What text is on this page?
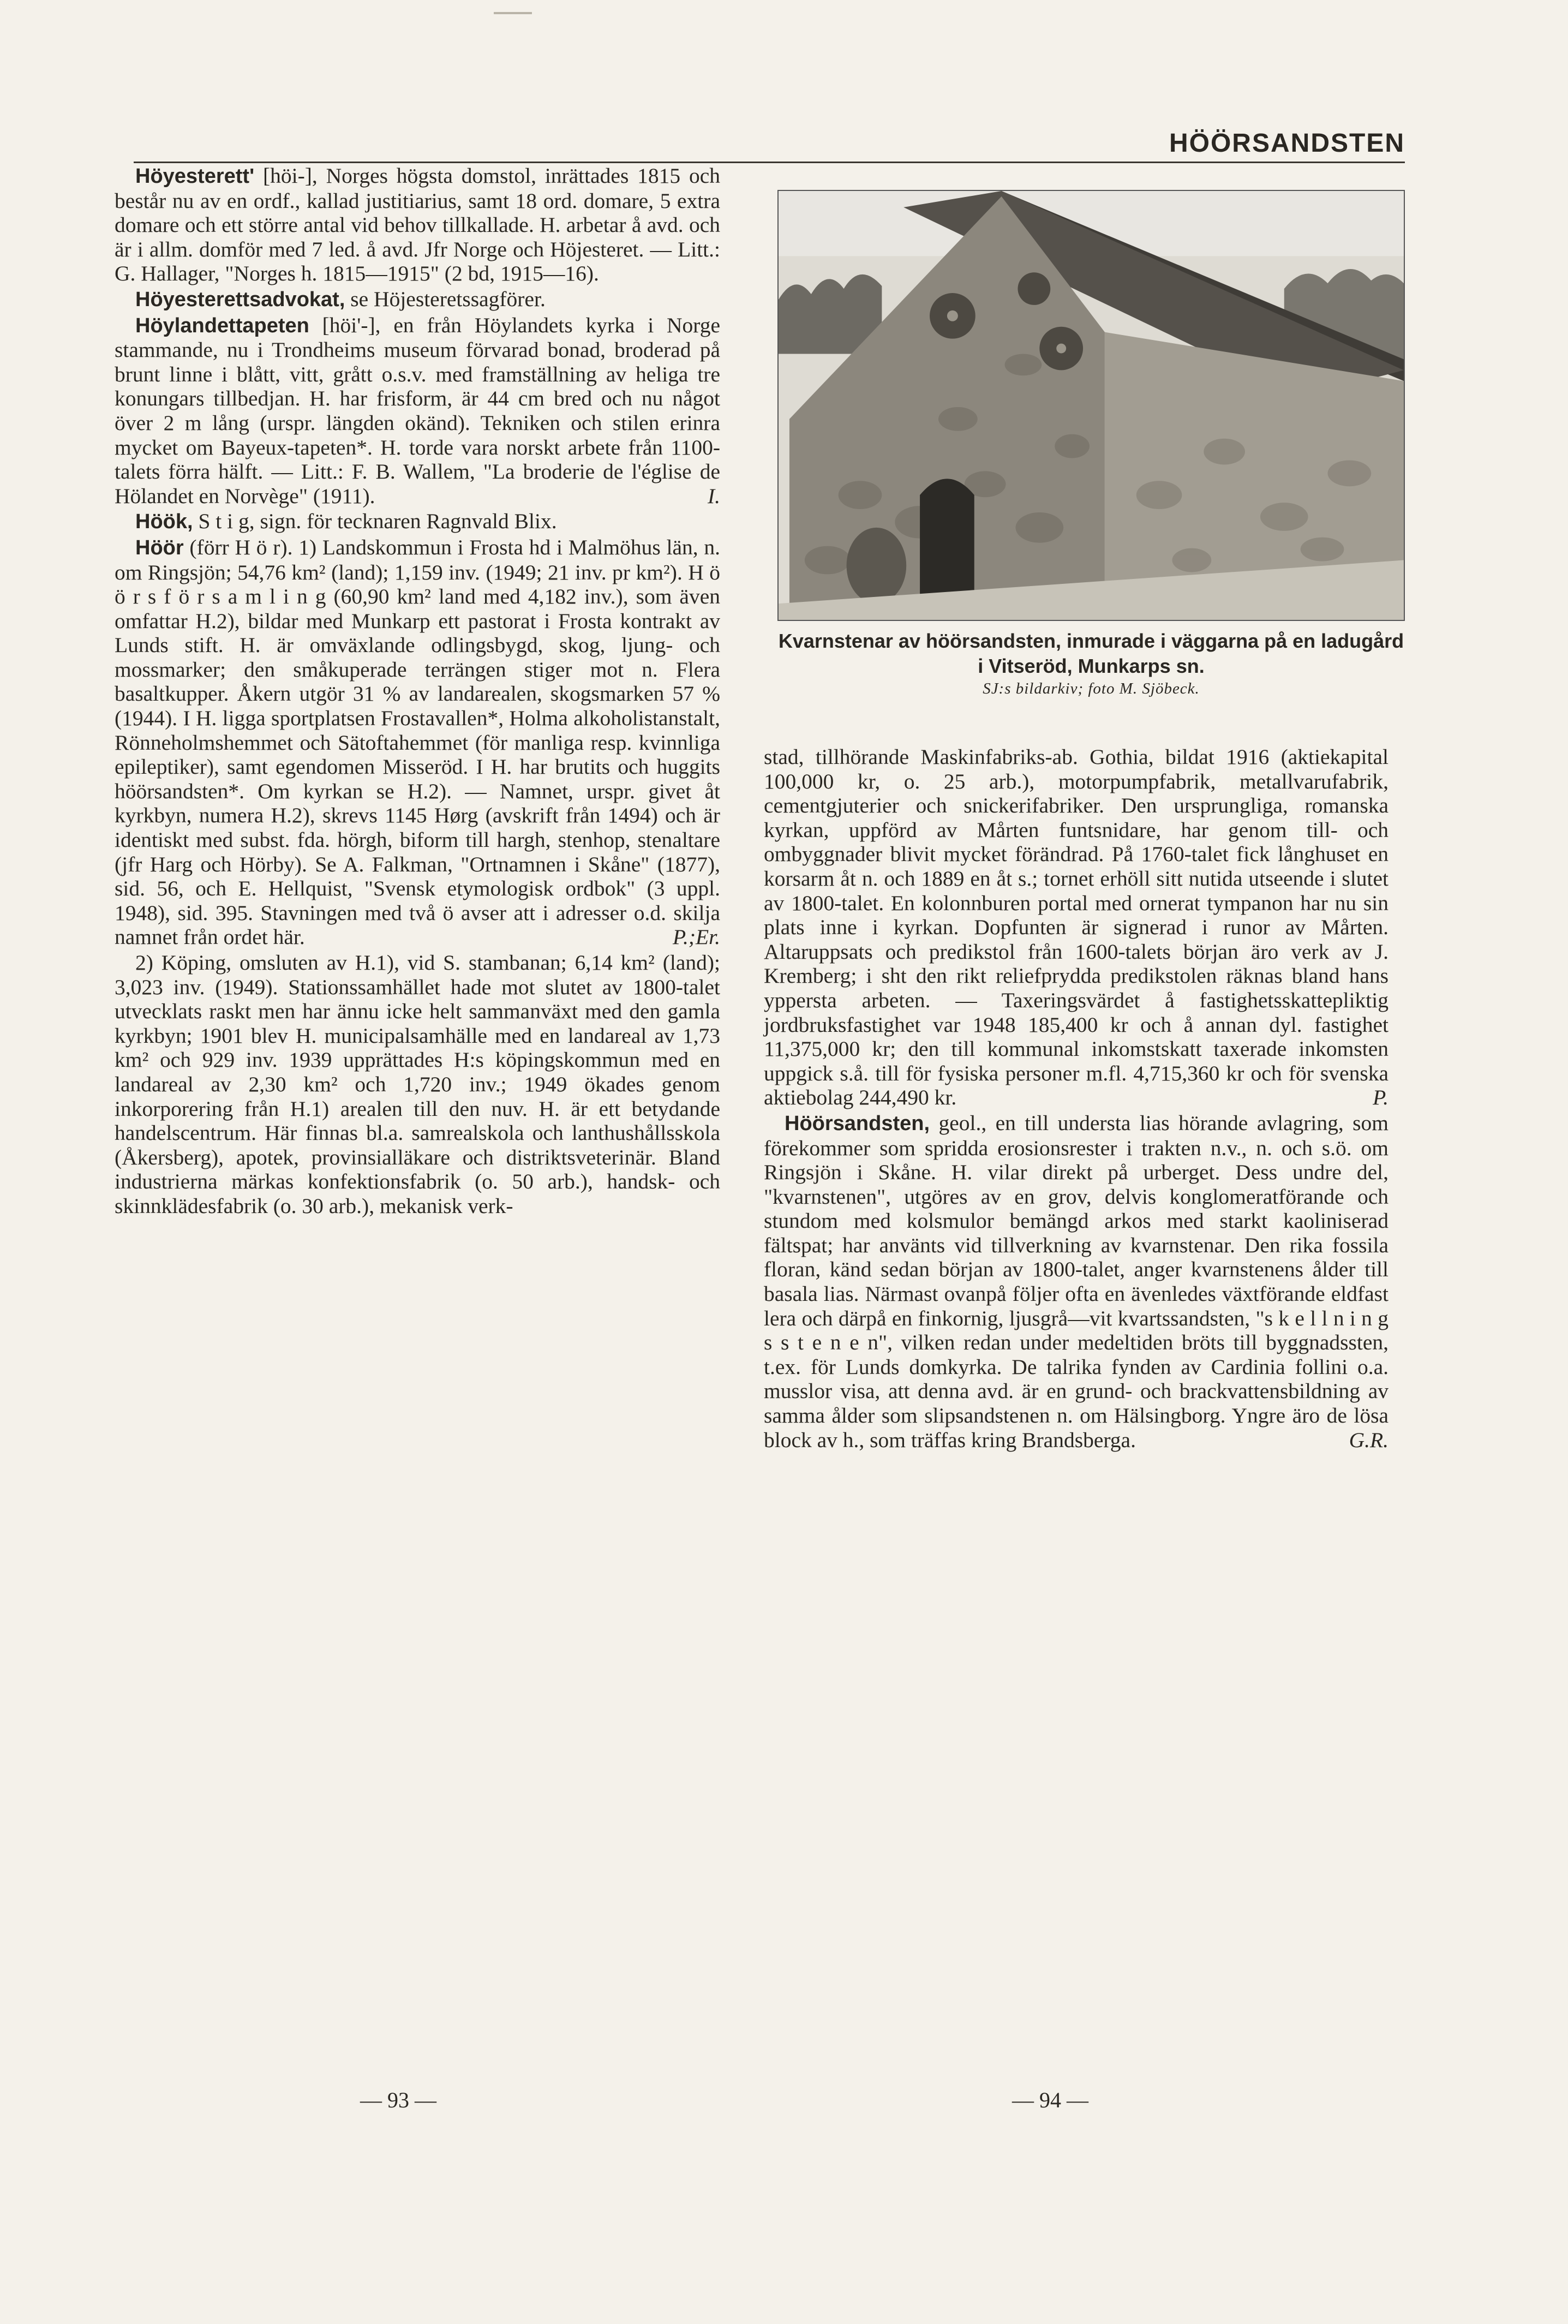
HÖÖRSANDSTEN

Höyesterett' [höi-], Norges högsta domstol, inrättades 1815 och består nu av en ordf., kallad justitiarius, samt 18 ord. domare, 5 extra domare och ett större antal vid behov tillkallade. H. arbetar å avd. och är i allm. domför med 7 led. å avd. Jfr Norge och Höjesteret. — Litt.: G. Hallager, "Norges h. 1815—1915" (2 bd, 1915—16).

Höyesterettsadvokat, se Höjesteretssagförer.

Höylandettapeten [höi'-], en från Höylandets kyrka i Norge stammande, nu i Trondheims museum förvarad bonad, broderad på brunt linne i blått, vitt, grått o.s.v. med framställning av heliga tre konungars tillbedjan. H. har frisform, är 44 cm bred och nu något över 2 m lång (urspr. längden okänd). Tekniken och stilen erinra mycket om Bayeux-tapeten*. H. torde vara norskt arbete från 1100-talets förra hälft. — Litt.: F. B. Wallem, "La broderie de l'église de Hölandet en Norvège" (1911).	I.

Höök, S t i g, sign. för tecknaren Ragnvald Blix.

Höör (förr H ö r). 1) Landskommun i Frosta hd i Malmöhus län, n. om Ringsjön; 54,76 km² (land); 1,159 inv. (1949; 21 inv. pr km²). H ö ö r s f ö r s a m l i n g (60,90 km² land med 4,182 inv.), som även omfattar H.2), bildar med Munkarp ett pastorat i Frosta kontrakt av Lunds stift. H. är omväxlande odlingsbygd, skog, ljung- och mossmarker; den småkuperade terrängen stiger mot n. Flera basaltkupper. Åkern utgör 31 % av landarealen, skogsmarken 57 % (1944). I H. ligga sportplatsen Frostavallen*, Holma alkoholistanstalt, Rönneholmshemmet och Sätoftahemmet (för manliga resp. kvinnliga epileptiker), samt egendomen Misseröd. I H. har brutits och huggits höörsandsten*. Om kyrkan se H.2). — Namnet, urspr. givet åt kyrkbyn, numera H.2), skrevs 1145 Hørg (avskrift från 1494) och är identiskt med subst. fda. hörgh, biform till hargh, stenhop, stenaltare (jfr Harg och Hörby). Se A. Falkman, "Ortnamnen i Skåne" (1877), sid. 56, och E. Hellquist, "Svensk etymologisk ordbok" (3 uppl. 1948), sid. 395. Stavningen med två ö avser att i adresser o.d. skilja namnet från ordet här.	P.;Er.

2) Köping, omsluten av H.1), vid S. stambanan; 6,14 km² (land); 3,023 inv. (1949). Stationssamhället hade mot slutet av 1800-talet utvecklats raskt men har ännu icke helt sammanväxt med den gamla kyrkbyn; 1901 blev H. municipalsamhälle med en landareal av 1,73 km² och 929 inv. 1939 upprättades H:s köpingskommun med en landareal av 2,30 km² och 1,720 inv.; 1949 ökades genom inkorporering från H.1) arealen till den nuv. H. är ett betydande handelscentrum. Här finnas bl.a. samrealskola och lanthushållsskola (Åkersberg), apotek, provinsialläkare och distriktsveterinär. Bland industrierna märkas konfektionsfabrik (o. 50 arb.), handsk- och skinnklädesfabrik (o. 30 arb.), mekanisk verk-

Kvarnstenar av höörsandsten, inmurade i väggarna på en ladugård i Vitseröd, Munkarps sn.

SJ:s bildarkiv; foto M. Sjöbeck.

stad, tillhörande Maskinfabriks-ab. Gothia, bildat 1916 (aktiekapital 100,000 kr, o. 25 arb.), motorpumpfabrik, metallvarufabrik, cementgjuterier och snickerifabriker. Den ursprungliga, romanska kyrkan, uppförd av Mårten funtsnidare, har genom till- och ombyggnader blivit mycket förändrad. På 1760-talet fick långhuset en korsarm åt n. och 1889 en åt s.; tornet erhöll sitt nutida utseende i slutet av 1800-talet. En kolonnburen portal med ornerat tympanon har nu sin plats inne i kyrkan. Dopfunten är signerad i runor av Mårten. Altaruppsats och predikstol från 1600-talets början äro verk av J. Kremberg; i sht den rikt reliefprydda predikstolen räknas bland hans yppersta arbeten. — Taxeringsvärdet å fastighetsskattepliktig jordbruksfastighet var 1948 185,400 kr och å annan dyl. fastighet 11,375,000 kr; den till kommunal inkomstskatt taxerade inkomsten uppgick s.å. till för fysiska personer m.fl. 4,715,360 kr och för svenska aktiebolag 244,490 kr.	P.

Höörsandsten, geol., en till understa lias hörande avlagring, som förekommer som spridda erosionsrester i trakten n.v., n. och s.ö. om Ringsjön i Skåne. H. vilar direkt på urberget. Dess undre del, "kvarnstenen", utgöres av en grov, delvis konglomeratförande och stundom med kolsmulor bemängd arkos med starkt kaoliniserad fältspat; har använts vid tillverkning av kvarnstenar. Den rika fossila floran, känd sedan början av 1800-talet, anger kvarnstenens ålder till basala lias. Närmast ovanpå följer ofta en ävenledes växtförande eldfast lera och därpå en finkornig, ljusgrå—vit kvartssandsten, "s k e l l n i n g s s t e n e n", vilken redan under medeltiden bröts till byggnadssten, t.ex. för Lunds domkyrka. De talrika fynden av Cardinia follini o.a. musslor visa, att denna avd. är en grund- och brackvattensbildning av samma ålder som slipsandstenen n. om Hälsingborg. Yngre äro de lösa block av h., som träffas kring Brandsberga.	G.R.

— 93 —	— 94 —
